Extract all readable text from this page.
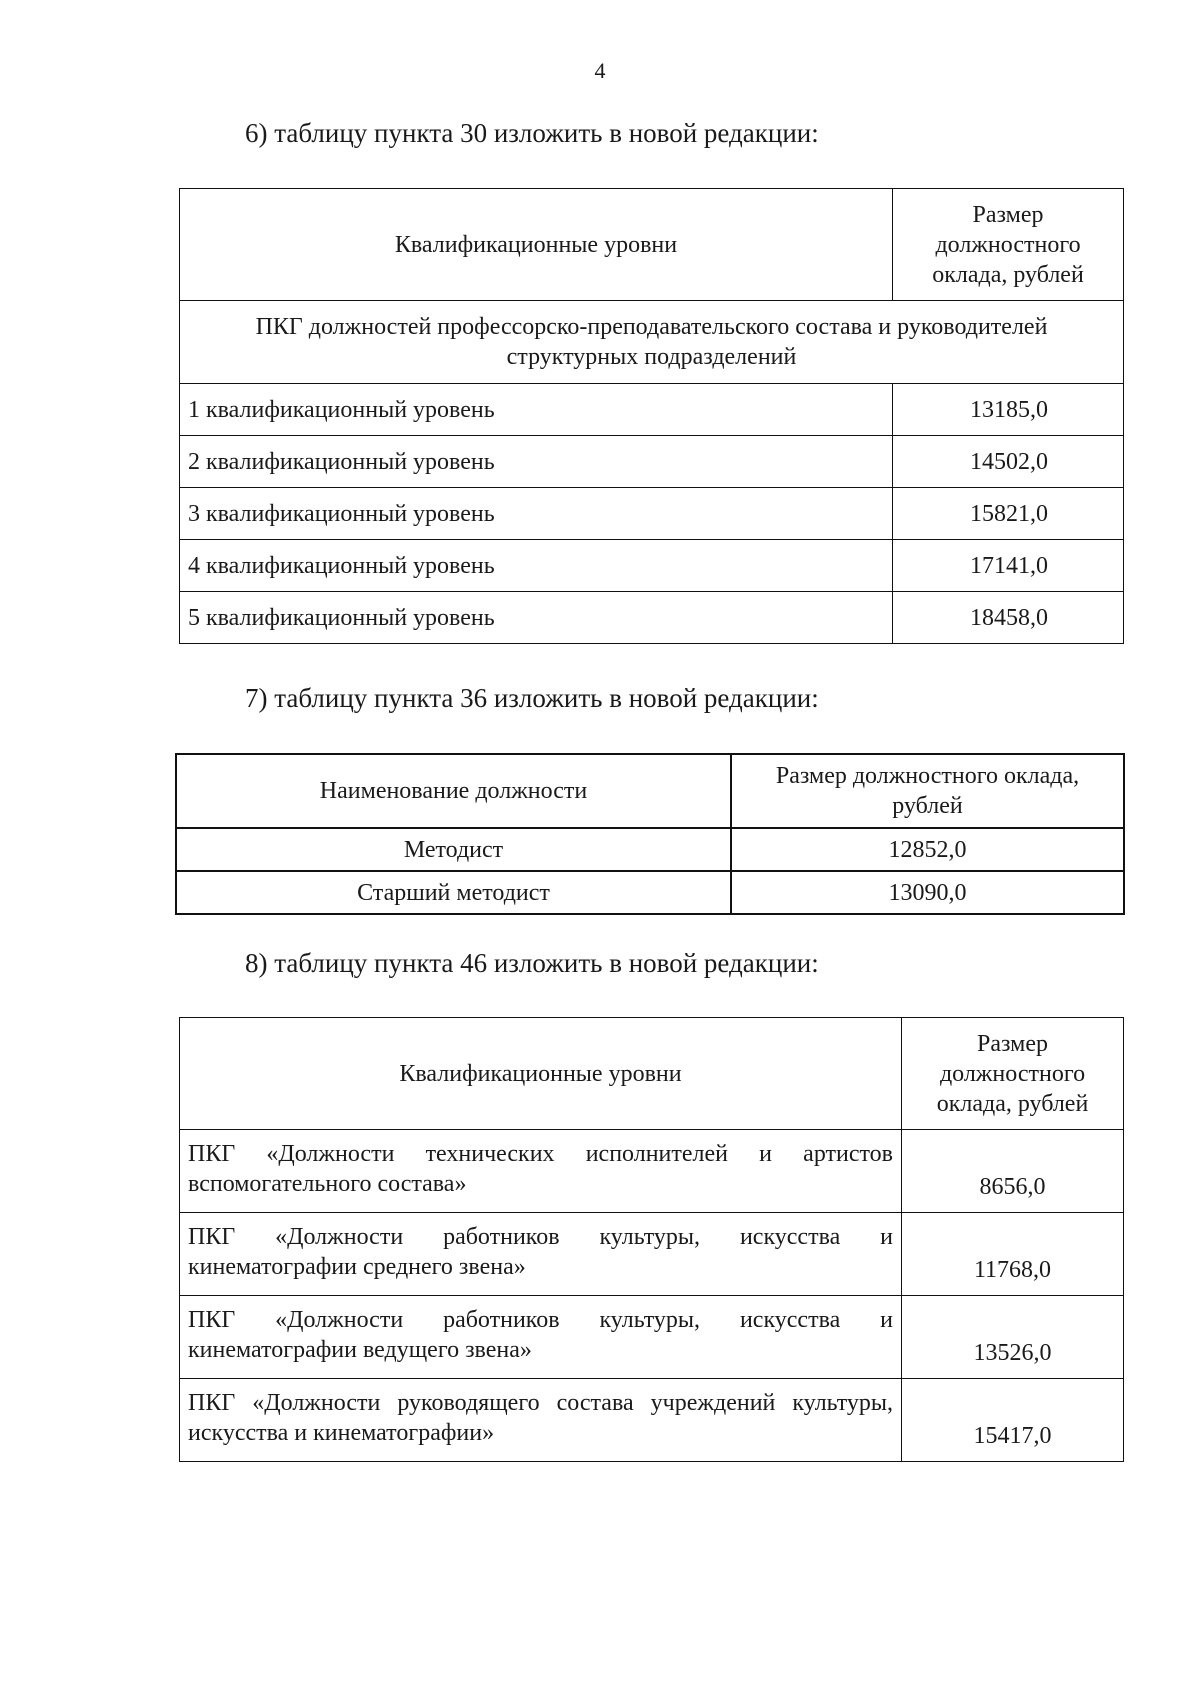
4
6) таблицу пункта 30 изложить в новой редакции:
Квалификационные уровни	Размер
должностного
оклада, рублей

ПКГ должностей профессорско-преподавательского состава и руководителей
структурных подразделений	

1 квалификационный уровень	13185,0
2 квалификационный уровень	14502,0
3 квалификационный уровень	15821,0
4 квалификационный уровень	17141,0
5 квалификационный уровень	18458,0
7) таблицу пункта 36 изложить в новой редакции:
Наименование должности	Размер должностного оклада,
рублей

Методист	12852,0
Старший методист	13090,0
8) таблицу пункта 46 изложить в новой редакции:
Квалификационные уровни	Размер
должностного
оклада, рублей

ПКГ «Должности технических исполнителей и артистов вспомогательного состава»	8656,0
ПКГ «Должности работников культуры, искусства и кинематографии среднего звена»	11768,0
ПКГ «Должности работников культуры, искусства и кинематографии ведущего звена»	13526,0
ПКГ «Должности руководящего состава учреждений культуры, искусства и кинематографии»	15417,0
